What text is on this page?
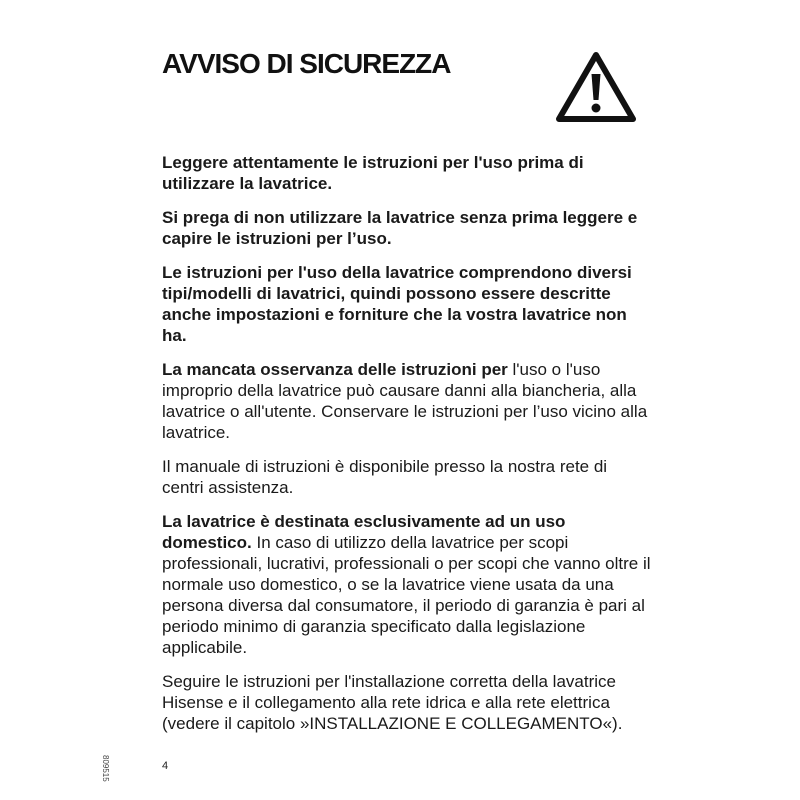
AVVISO DI SICUREZZA

Leggere attentamente le istruzioni per l'uso prima di utilizzare la lavatrice.

Si prega di non utilizzare la lavatrice senza prima leggere e capire le istruzioni per l’uso.

Le istruzioni per l'uso della lavatrice comprendono diversi tipi/modelli di lavatrici, quindi possono essere descritte anche impostazioni e forniture che la vostra lavatrice non ha.

La mancata osservanza delle istruzioni per l'uso o l'uso improprio della lavatrice può causare danni alla biancheria, alla lavatrice o all'utente. Conservare le istruzioni per l’uso vicino alla lavatrice.

Il manuale di istruzioni è disponibile presso la nostra rete di centri assistenza.

La lavatrice è destinata esclusivamente ad un uso domestico. In caso di utilizzo della lavatrice per scopi professionali, lucrativi, professionali o per scopi che vanno oltre il normale uso domestico, o se la lavatrice viene usata da una persona diversa dal consumatore, il periodo di garanzia è pari al periodo minimo di garanzia specificato dalla legislazione applicabile.

Seguire le istruzioni per l'installazione corretta della lavatrice Hisense e il collegamento alla rete idrica e alla rete elettrica (vedere il capitolo »INSTALLAZIONE E COLLEGAMENTO«).

809515	4
